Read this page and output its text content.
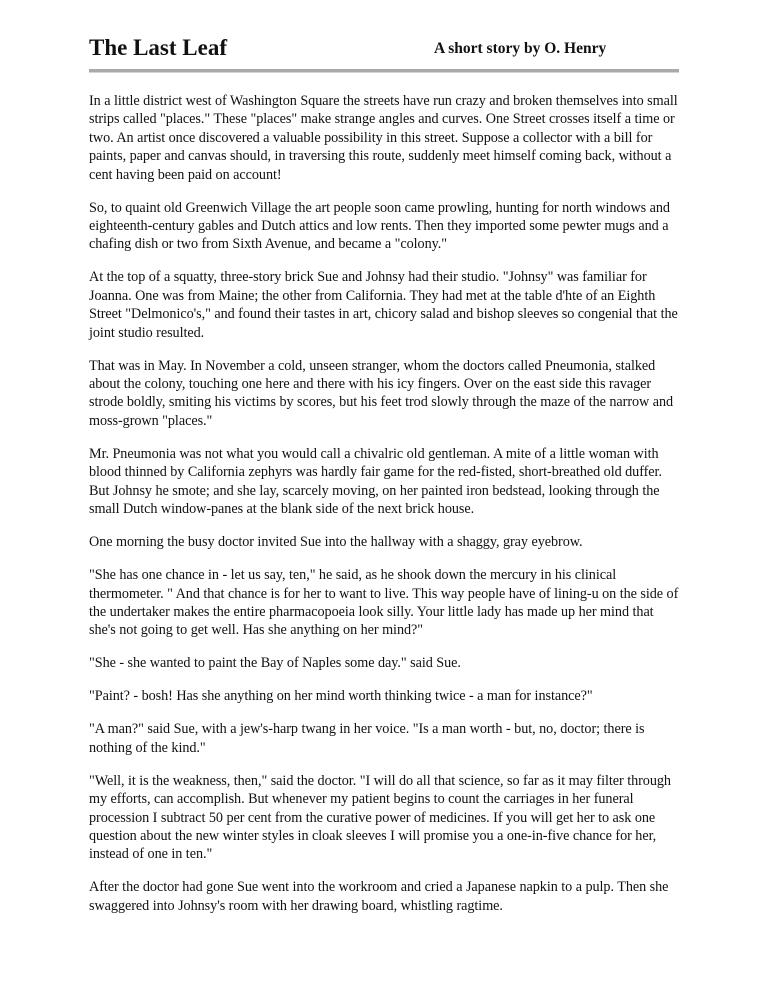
The Last Leaf	A short story by O. Henry

In a little district west of Washington Square the streets have run crazy and broken themselves into small strips called "places." These "places" make strange angles and curves. One Street crosses itself a time or two. An artist once discovered a valuable possibility in this street. Suppose a collector with a bill for paints, paper and canvas should, in traversing this route, suddenly meet himself coming back, without a cent having been paid on account!

So, to quaint old Greenwich Village the art people soon came prowling, hunting for north windows and eighteenth-century gables and Dutch attics and low rents. Then they imported some pewter mugs and a chafing dish or two from Sixth Avenue, and became a "colony."

At the top of a squatty, three-story brick Sue and Johnsy had their studio. "Johnsy" was familiar for Joanna. One was from Maine; the other from California. They had met at the table d'hte of an Eighth Street "Delmonico's," and found their tastes in art, chicory salad and bishop sleeves so congenial that the joint studio resulted.

That was in May. In November a cold, unseen stranger, whom the doctors called Pneumonia, stalked about the colony, touching one here and there with his icy fingers. Over on the east side this ravager strode boldly, smiting his victims by scores, but his feet trod slowly through the maze of the narrow and moss-grown "places."

Mr. Pneumonia was not what you would call a chivalric old gentleman. A mite of a little woman with blood thinned by California zephyrs was hardly fair game for the red-fisted, short-breathed old duffer. But Johnsy he smote; and she lay, scarcely moving, on her painted iron bedstead, looking through the small Dutch window-panes at the blank side of the next brick house.

One morning the busy doctor invited Sue into the hallway with a shaggy, gray eyebrow.

"She has one chance in - let us say, ten," he said, as he shook down the mercury in his clinical thermometer. " And that chance is for her to want to live. This way people have of lining-u on the side of the undertaker makes the entire pharmacopoeia look silly. Your little lady has made up her mind that she's not going to get well. Has she anything on her mind?"

"She - she wanted to paint the Bay of Naples some day." said Sue.

"Paint? - bosh! Has she anything on her mind worth thinking twice - a man for instance?"

"A man?" said Sue, with a jew's-harp twang in her voice. "Is a man worth - but, no, doctor; there is nothing of the kind."

"Well, it is the weakness, then," said the doctor. "I will do all that science, so far as it may filter through my efforts, can accomplish. But whenever my patient begins to count the carriages in her funeral procession I subtract 50 per cent from the curative power of medicines. If you will get her to ask one question about the new winter styles in cloak sleeves I will promise you a one-in-five chance for her, instead of one in ten."

After the doctor had gone Sue went into the workroom and cried a Japanese napkin to a pulp. Then she swaggered into Johnsy's room with her drawing board, whistling ragtime.
